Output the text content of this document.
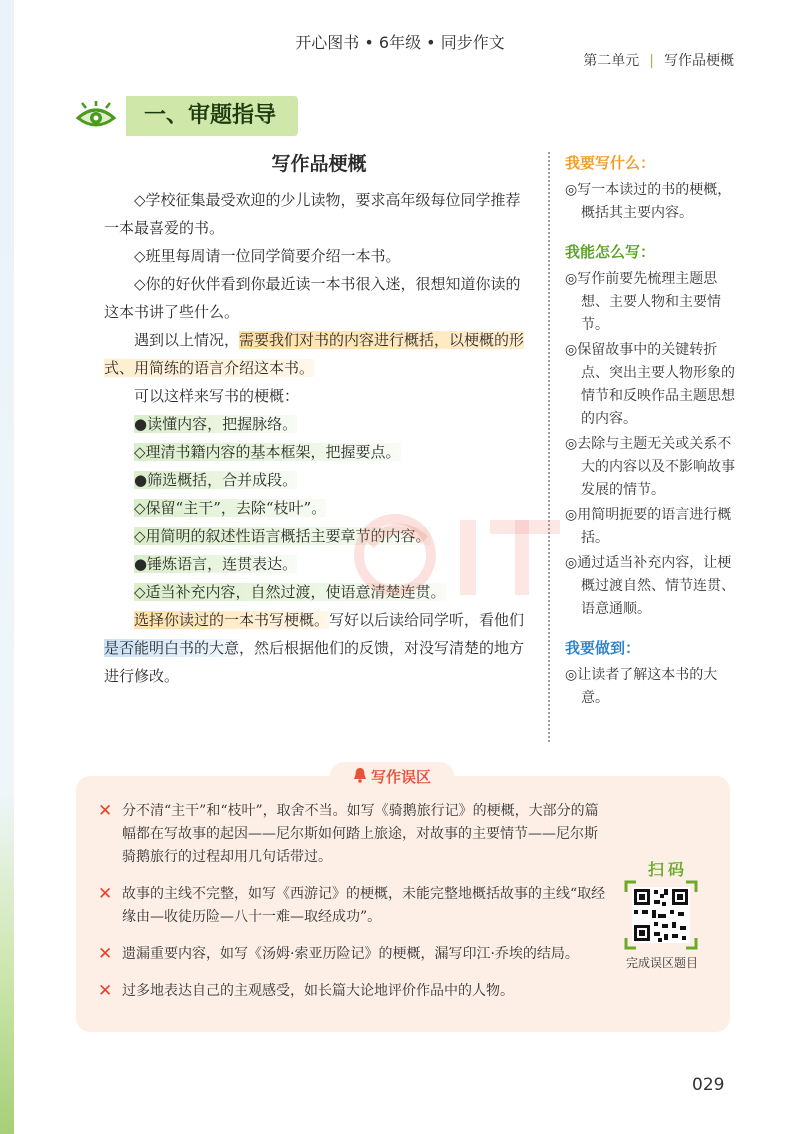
开心图书 • 6年级 • 同步作文
第二单元 | 写作品梗概
一、审题指导
写作品梗概

◇学校征集最受欢迎的少儿读物，要求高年级每位同学推荐一本最喜爱的书。

◇班里每周请一位同学简要介绍一本书。

◇你的好伙伴看到你最近读一本书很入迷，很想知道你读的这本书讲了些什么。

遇到以上情况，需要我们对书的内容进行概括，以梗概的形式、用简练的语言介绍这本书。

可以这样来写书的梗概：

●读懂内容，把握脉络。

◇理清书籍内容的基本框架，把握要点。

●筛选概括，合并成段。

◇保留“主干”，去除“枝叶”。

◇用简明的叙述性语言概括主要章节的内容。

●锤炼语言，连贯表达。

◇适当补充内容，自然过渡，使语意清楚连贯。

选择你读过的一本书写梗概。写好以后读给同学听，看他们是否能明白书的大意，然后根据他们的反馈，对没写清楚的地方进行修改。

我要写什么：
◎写一本读过的书的梗概，概括其主要内容。
我能怎么写：
◎写作前要先梳理主题思想、主要人物和主要情节。
◎保留故事中的关键转折点、突出主要人物形象的情节和反映作品主题思想的内容。
◎去除与主题无关或关系不大的内容以及不影响故事发展的情节。
◎用简明扼要的语言进行概括。
◎通过适当补充内容，让梗概过渡自然、情节连贯、语意通顺。
我要做到：
◎让读者了解这本书的大意。
写作误区
✕ 分不清“主干”和“枝叶”，取舍不当。如写《骑鹅旅行记》的梗概，大部分的篇幅都在写故事的起因——尼尔斯如何踏上旅途，对故事的主要情节——尼尔斯骑鹅旅行的过程却用几句话带过。
✕ 故事的主线不完整，如写《西游记》的梗概，未能完整地概括故事的主线“取经缘由—收徒历险—八十一难—取经成功”。
✕ 遗漏重要内容，如写《汤姆·索亚历险记》的梗概，漏写印江·乔埃的结局。
✕ 过多地表达自己的主观感受，如长篇大论地评价作品中的人物。
扫码
完成误区题目
029
